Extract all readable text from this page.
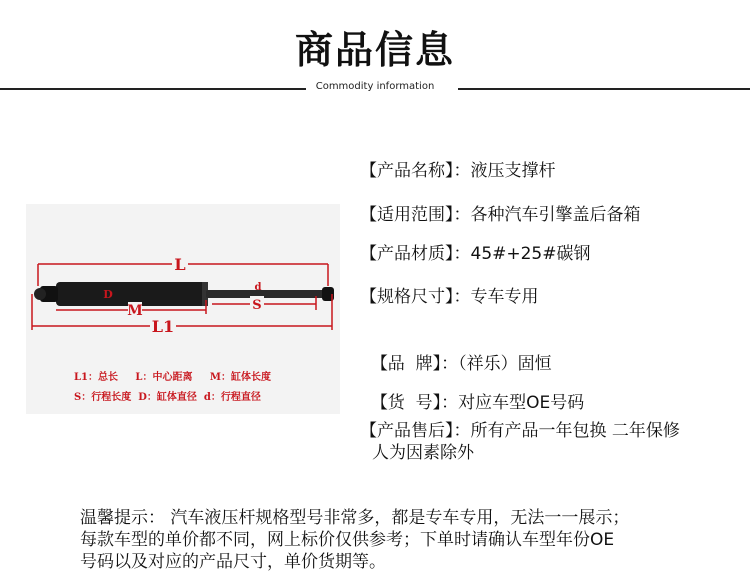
商品信息
Commodity information
L
D
d
M	S
L1
L1：总长 L：中心距离 M：缸体长度
S：行程长度 D：缸体直径 d：行程直径
【产品名称】：液压支撑杆
【适用范围】：各种汽车引擎盖后备箱
【产品材质】：45#+25#碳钢
【规格尺寸】：专车专用

【品  牌】：（祥乐）固恒

【货  号】：对应车型OE号码

【产品售后】：所有产品一年包换 二年保修
人为因素除外

温馨提示： 汽车液压杆规格型号非常多，都是专车专用，无法一一展示；

每款车型的单价都不同，网上标价仅供参考；下单时请确认车型年份OE

号码以及对应的产品尺寸，单价货期等。
